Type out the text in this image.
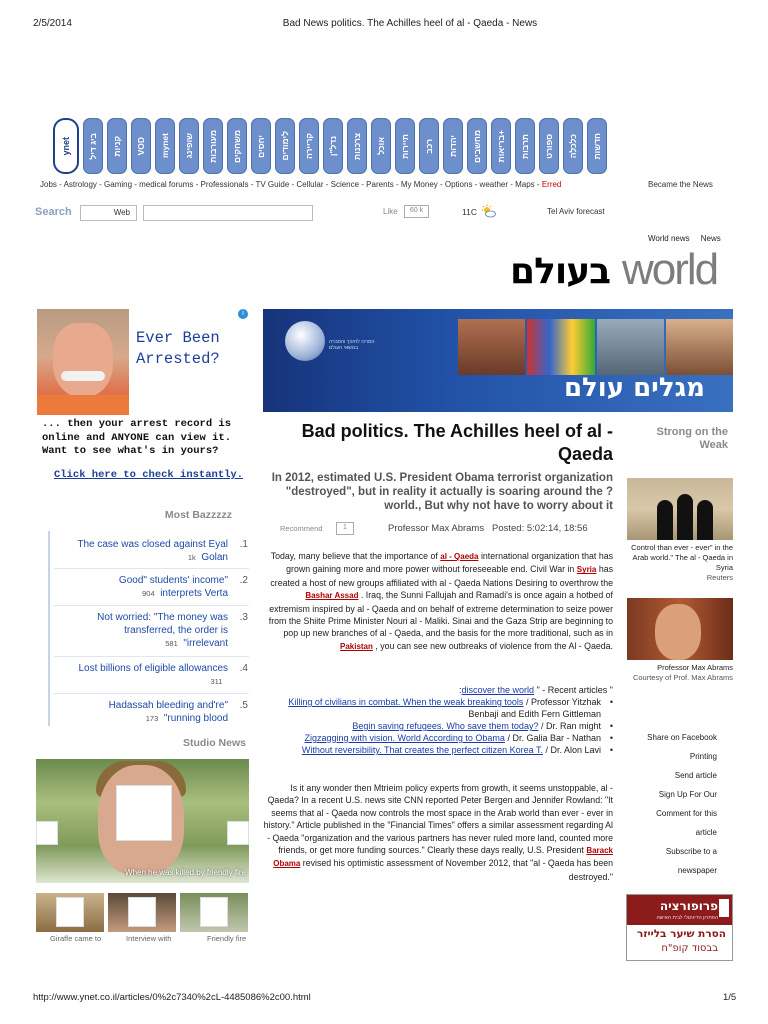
2/5/2014	Bad News politics. The Achilles heel of al - Qaeda - News
ynet ביג דיל קניות VOD mynet שופינג מעורבות משחקים יחסים לימודים קריירה נדל"ן צרכנות אוכל תיירות רכב יהדות מחשבים בריאות+
תרבות ספורט כלכלה חדשות
Jobs - Astrology - Gaming - medical forums - Professionals - TV Guide - Cellular - Science - Parents - My Money - Options - weather - Maps - Erred	Became the News
Search	Web	Like	60 k	11C	Tel Aviv forecast
World news News
בעולם world
Ever Been
Arrested?
i
... then your arrest record is online and ANYONE can view it. Want to see what's in yours?
Click here to check instantly.
Most Bazzzzz
.1
The case was closed against Eyal
1k Golan
.2
Good" students' income"
904 interprets Verta
.3
Not worried: "The money was transferred, the order is
581 "irrelevant
.4
Lost billions of eligible allowances
311
.5
Hadassah bleeding and're"
173 "running blood
Studio News
When he was killed by friendly fire
Giraffe came to	Interview with	Friendly fire
המרכז לחינוך והסברה בנושאי העולם
מגלים עולם
Bad politics. The Achilles heel of al - Qaeda
In 2012, estimated U.S. President Obama terrorist organization "destroyed", but in reality it actually is soaring around the ?world., But why not have to worry about it
Recommend	1	Professor Max Abrams Posted: 5:02:14, 18:56
Today, many believe that the importance of al - Qaeda international organization that has grown gaining more and more power without foreseeable end. Civil War in Syria has created a host of new groups affiliated with al - Qaeda Nations Desiring to overthrow the Bashar Assad . Iraq, the Sunni Fallujah and Ramadi's is once again a hotbed of extremism inspired by al - Qaeda and on behalf of extreme determination to seize power from the Shiite Prime Minister Nouri al - Maliki. Sinai and the Gaza Strip are beginning to pop up new branches of al - Qaeda, and the basis for the more traditional, such as in Pakistan , you can see new outbreaks of violence from the Al - Qaeda.
:discover the world " - Recent articles "
Killing of civilians in combat. When the weak breaking tools / Professor Yitzhak Benbaji and Edith Fern Gittleman •
Begin saving refugees. Who save them today? / Dr. Ran might •
Zigzagging with vision. World According to Obama / Dr. Galia Bar - Nathan •
Without reversibility. That creates the perfect citizen Korea T. / Dr. Alon Lavi •
Is it any wonder then Mtrieim policy experts from growth, it seems unstoppable, al - Qaeda? In a recent U.S. news site CNN reported Peter Bergen and Jennifer Rowland: "It seems that al - Qaeda now controls the most space in the Arab world than ever - ever in history." Article published in the "Financial Times" offers a similar assessment regarding Al - Qaeda "organization and the various partners has never ruled more land, counted more friends, or get more funding sources." Clearly these days really, U.S. President Barack Obama revised his optimistic assessment of November 2012, that "al - Qaeda has been destroyed."
Strong on the Weak
Control than ever - ever" in the Arab world." The al - Qaeda in Syria
Reuters
Professor Max Abrams
Courtesy of Prof. Max Abrams
Share on Facebook
Printing
Send article
Sign Up For Our
Comment for this
article
Subscribe to a
newspaper
פרופורציה
הפתרון הדיגיטלי לבית האישה
הסרת שיער בלייזר
בבסוד קופ"ח
http://www.ynet.co.il/articles/0%2c7340%2cL-4485086%2c00.html	1/5
